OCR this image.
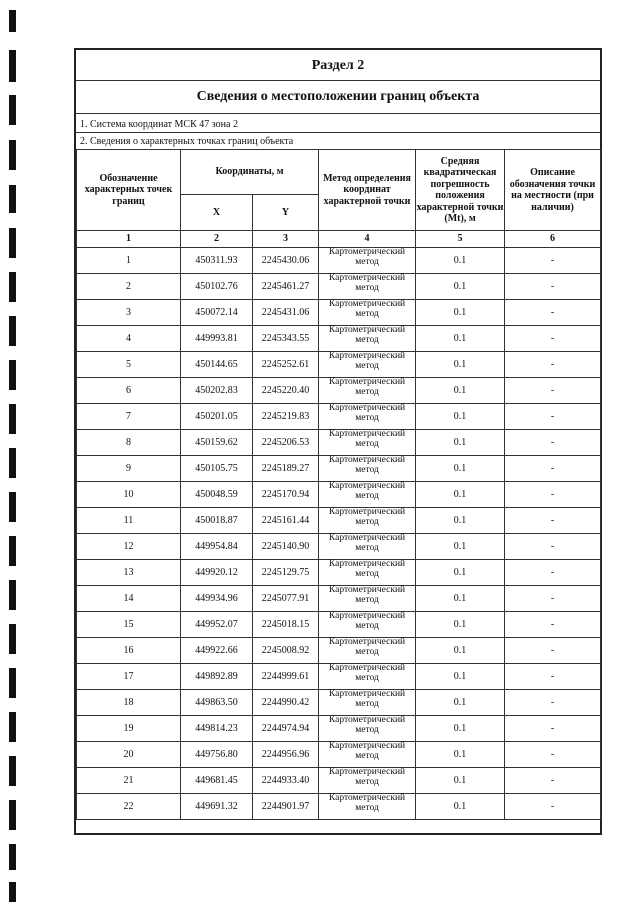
Раздел 2
Сведения о местоположении границ объекта
1. Система координат МСК 47 зона 2
2. Сведения о характерных точках границ объекта
Обозначение характерных точек границ	Координаты, м		Метод определения координат характерной точки	Средняя квадратическая погрешность положения характерной точки (Mt), м	Описание обозначения точки на местности (при наличии)
	X	Y			
1	2	3	4	5	6
1	450311.93	2245430.06	Картометрический метод	0.1	-
2	450102.76	2245461.27	Картометрический метод	0.1	-
3	450072.14	2245431.06	Картометрический метод	0.1	-
4	449993.81	2245343.55	Картометрический метод	0.1	-
5	450144.65	2245252.61	Картометрический метод	0.1	-
6	450202.83	2245220.40	Картометрический метод	0.1	-
7	450201.05	2245219.83	Картометрический метод	0.1	-
8	450159.62	2245206.53	Картометрический метод	0.1	-
9	450105.75	2245189.27	Картометрический метод	0.1	-
10	450048.59	2245170.94	Картометрический метод	0.1	-
11	450018.87	2245161.44	Картометрический метод	0.1	-
12	449954.84	2245140.90	Картометрический метод	0.1	-
13	449920.12	2245129.75	Картометрический метод	0.1	-
14	449934.96	2245077.91	Картометрический метод	0.1	-
15	449952.07	2245018.15	Картометрический метод	0.1	-
16	449922.66	2245008.92	Картометрический метод	0.1	-
17	449892.89	2244999.61	Картометрический метод	0.1	-
18	449863.50	2244990.42	Картометрический метод	0.1	-
19	449814.23	2244974.94	Картометрический метод	0.1	-
20	449756.80	2244956.96	Картометрический метод	0.1	-
21	449681.45	2244933.40	Картометрический метод	0.1	-
22	449691.32	2244901.97	Картометрический метод	0.1	-
